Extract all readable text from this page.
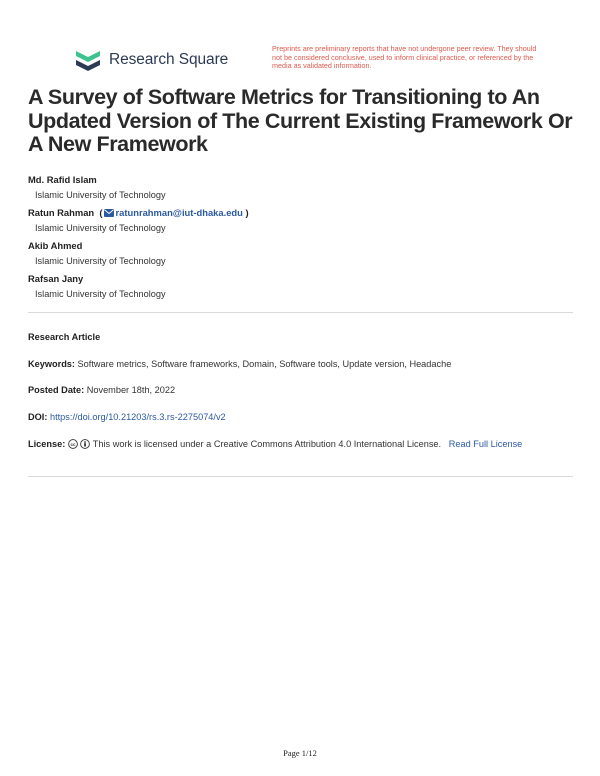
Research Square
Preprints are preliminary reports that have not undergone peer review. They should not be considered conclusive, used to inform clinical practice, or referenced by the media as validated information.
A Survey of Software Metrics for Transitioning to An Updated Version of The Current Existing Framework Or A New Framework
Md. Rafid Islam
Islamic University of Technology
Ratun Rahman  ( ratunrahman@iut-dhaka.edu )
Islamic University of Technology
Akib Ahmed
Islamic University of Technology
Rafsan Jany
Islamic University of Technology
Research Article
Keywords: Software metrics, Software frameworks, Domain, Software tools, Update version, Headache
Posted Date: November 18th, 2022
DOI: https://doi.org/10.21203/rs.3.rs-2275074/v2
License: cc This work is licensed under a Creative Commons Attribution 4.0 International License. Read Full License
Page 1/12
